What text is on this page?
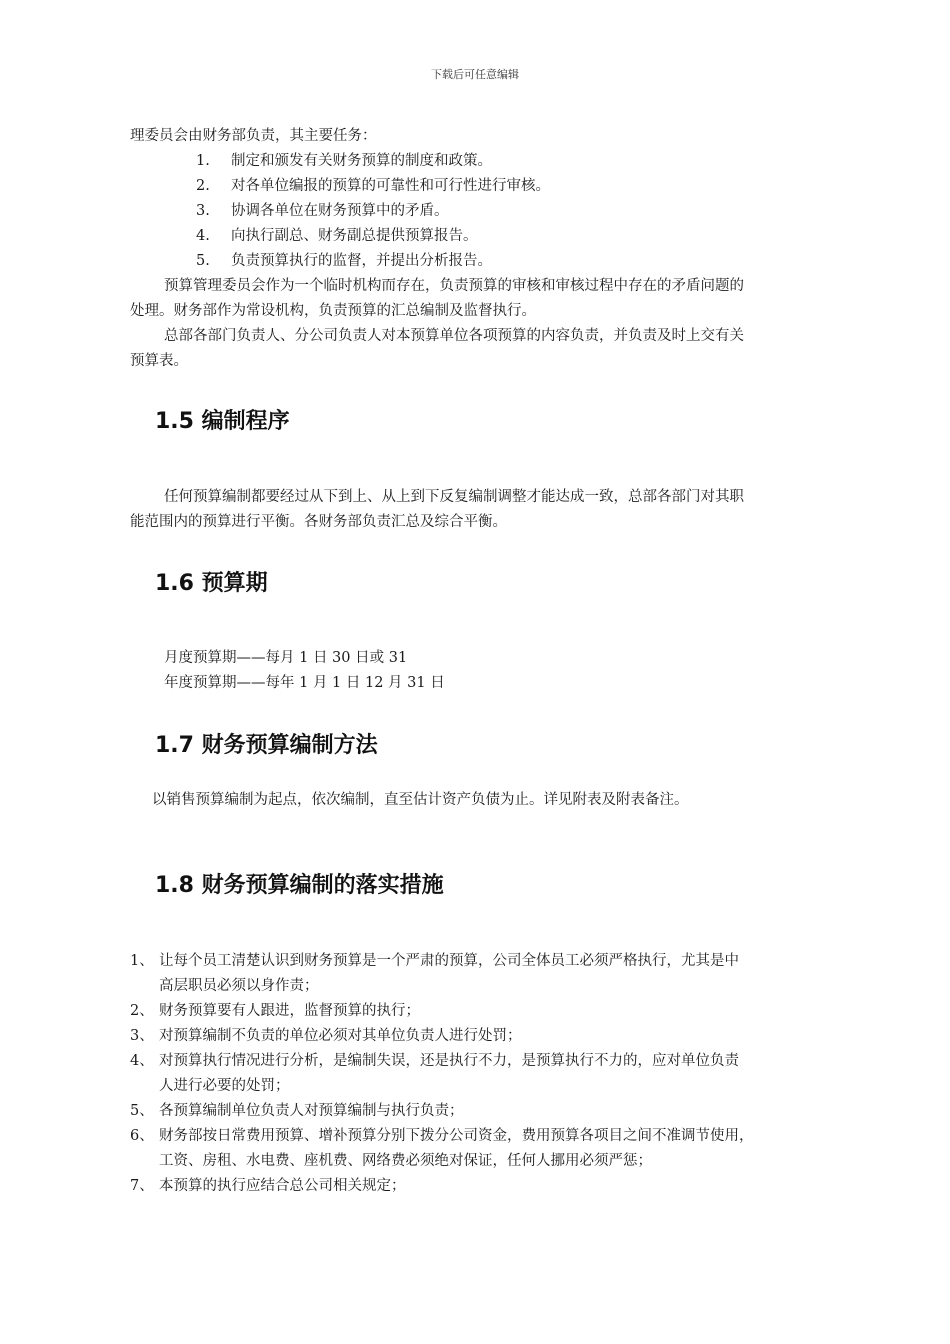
下载后可任意编辑
理委员会由财务部负责，其主要任务：
1. 制定和颁发有关财务预算的制度和政策。
2. 对各单位编报的预算的可靠性和可行性进行审核。
3. 协调各单位在财务预算中的矛盾。
4. 向执行副总、财务副总提供预算报告。
5. 负责预算执行的监督，并提出分析报告。
预算管理委员会作为一个临时机构而存在，负责预算的审核和审核过程中存在的矛盾问题的
处理。财务部作为常设机构，负责预算的汇总编制及监督执行。
总部各部门负责人、分公司负责人对本预算单位各项预算的内容负责，并负责及时上交有关
预算表。
1.5 编制程序
任何预算编制都要经过从下到上、从上到下反复编制调整才能达成一致，总部各部门对其职
能范围内的预算进行平衡。各财务部负责汇总及综合平衡。
1.6 预算期
月度预算期——每月 1 日 30 日或 31
年度预算期——每年 1 月 1 日 12 月 31 日
1.7 财务预算编制方法
以销售预算编制为起点，依次编制，直至估计资产负债为止。详见附表及附表备注。
1.8 财务预算编制的落实措施
1、 让每个员工清楚认识到财务预算是一个严肃的预算，公司全体员工必须严格执行，尤其是中
高层职员必须以身作责；
2、 财务预算要有人跟进，监督预算的执行；
3、 对预算编制不负责的单位必须对其单位负责人进行处罚；
4、 对预算执行情况进行分析，是编制失误，还是执行不力，是预算执行不力的，应对单位负责
人进行必要的处罚；
5、 各预算编制单位负责人对预算编制与执行负责；
6、 财务部按日常费用预算、增补预算分别下拨分公司资金，费用预算各项目之间不准调节使用，
工资、房租、水电费、座机费、网络费必须绝对保证，任何人挪用必须严惩；
7、 本预算的执行应结合总公司相关规定；
